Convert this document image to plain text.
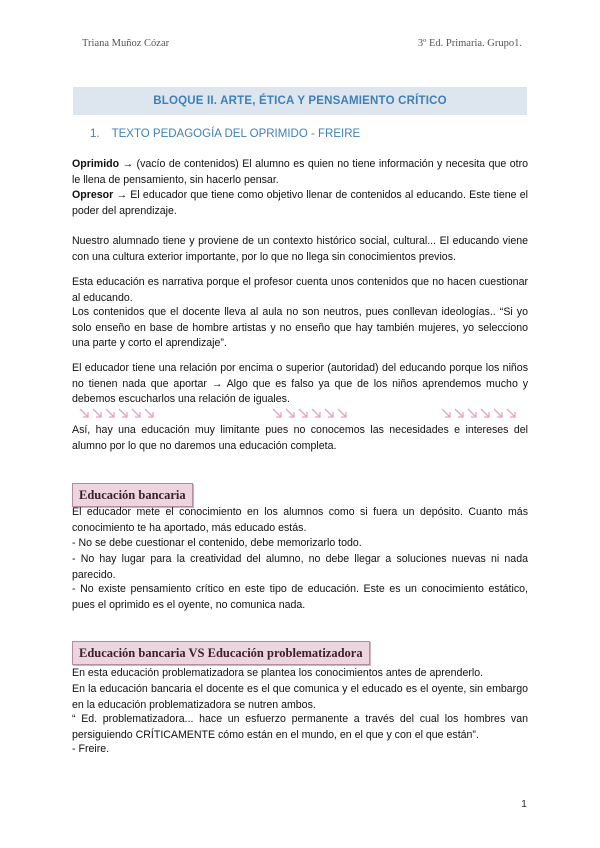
Triana Muñoz Cózar	3º Ed. Primaria. Grupo1.
BLOQUE II. ARTE, ÉTICA Y PENSAMIENTO CRÍTICO
1. TEXTO PEDAGOGÍA DEL OPRIMIDO - FREIRE
Oprimido → (vacío de contenidos) El alumno es quien no tiene información y necesita que otro le llena de pensamiento, sin hacerlo pensar.
Opresor → El educador que tiene como objetivo llenar de contenidos al educando. Este tiene el poder del aprendizaje.
Nuestro alumnado tiene y proviene de un contexto histórico social, cultural... El educando viene con una cultura exterior importante, por lo que no llega sin conocimientos previos.
Esta educación es narrativa porque el profesor cuenta unos contenidos que no hacen cuestionar al educando.
Los contenidos que el docente lleva al aula no son neutros, pues conllevan ideologías.. “Si yo solo enseño en base de hombre artistas y no enseño que hay también mujeres, yo selecciono una parte y corto el aprendizaje”.
El educador tiene una relación por encima o superior (autoridad) del educando porque los niños no tienen nada que aportar → Algo que es falso ya que de los niños aprendemos mucho y debemos escucharlos una relación de iguales.
Así, hay una educación muy limitante pues no conocemos las necesidades e intereses del alumno por lo que no daremos una educación completa.
Educación bancaria
El educador mete el conocimiento en los alumnos como si fuera un depósito. Cuanto más conocimiento te ha aportado, más educado estás.
- No se debe cuestionar el contenido, debe memorizarlo todo.
- No hay lugar para la creatividad del alumno, no debe llegar a soluciones nuevas ni nada parecido.
- No existe pensamiento crítico en este tipo de educación. Este es un conocimiento estático, pues el oprimido es el oyente, no comunica nada.
Educación bancaria VS Educación problematizadora
En esta educación problematizadora se plantea los conocimientos antes de aprenderlo.
En la educación bancaria el docente es el que comunica y el educado es el oyente, sin embargo en la educación problematizadora se nutren ambos.
“ Ed. problematizadora... hace un esfuerzo permanente a través del cual los hombres van persiguiendo CRÍTICAMENTE cómo están en el mundo, en el que y con el que están”.
- Freire.
1
